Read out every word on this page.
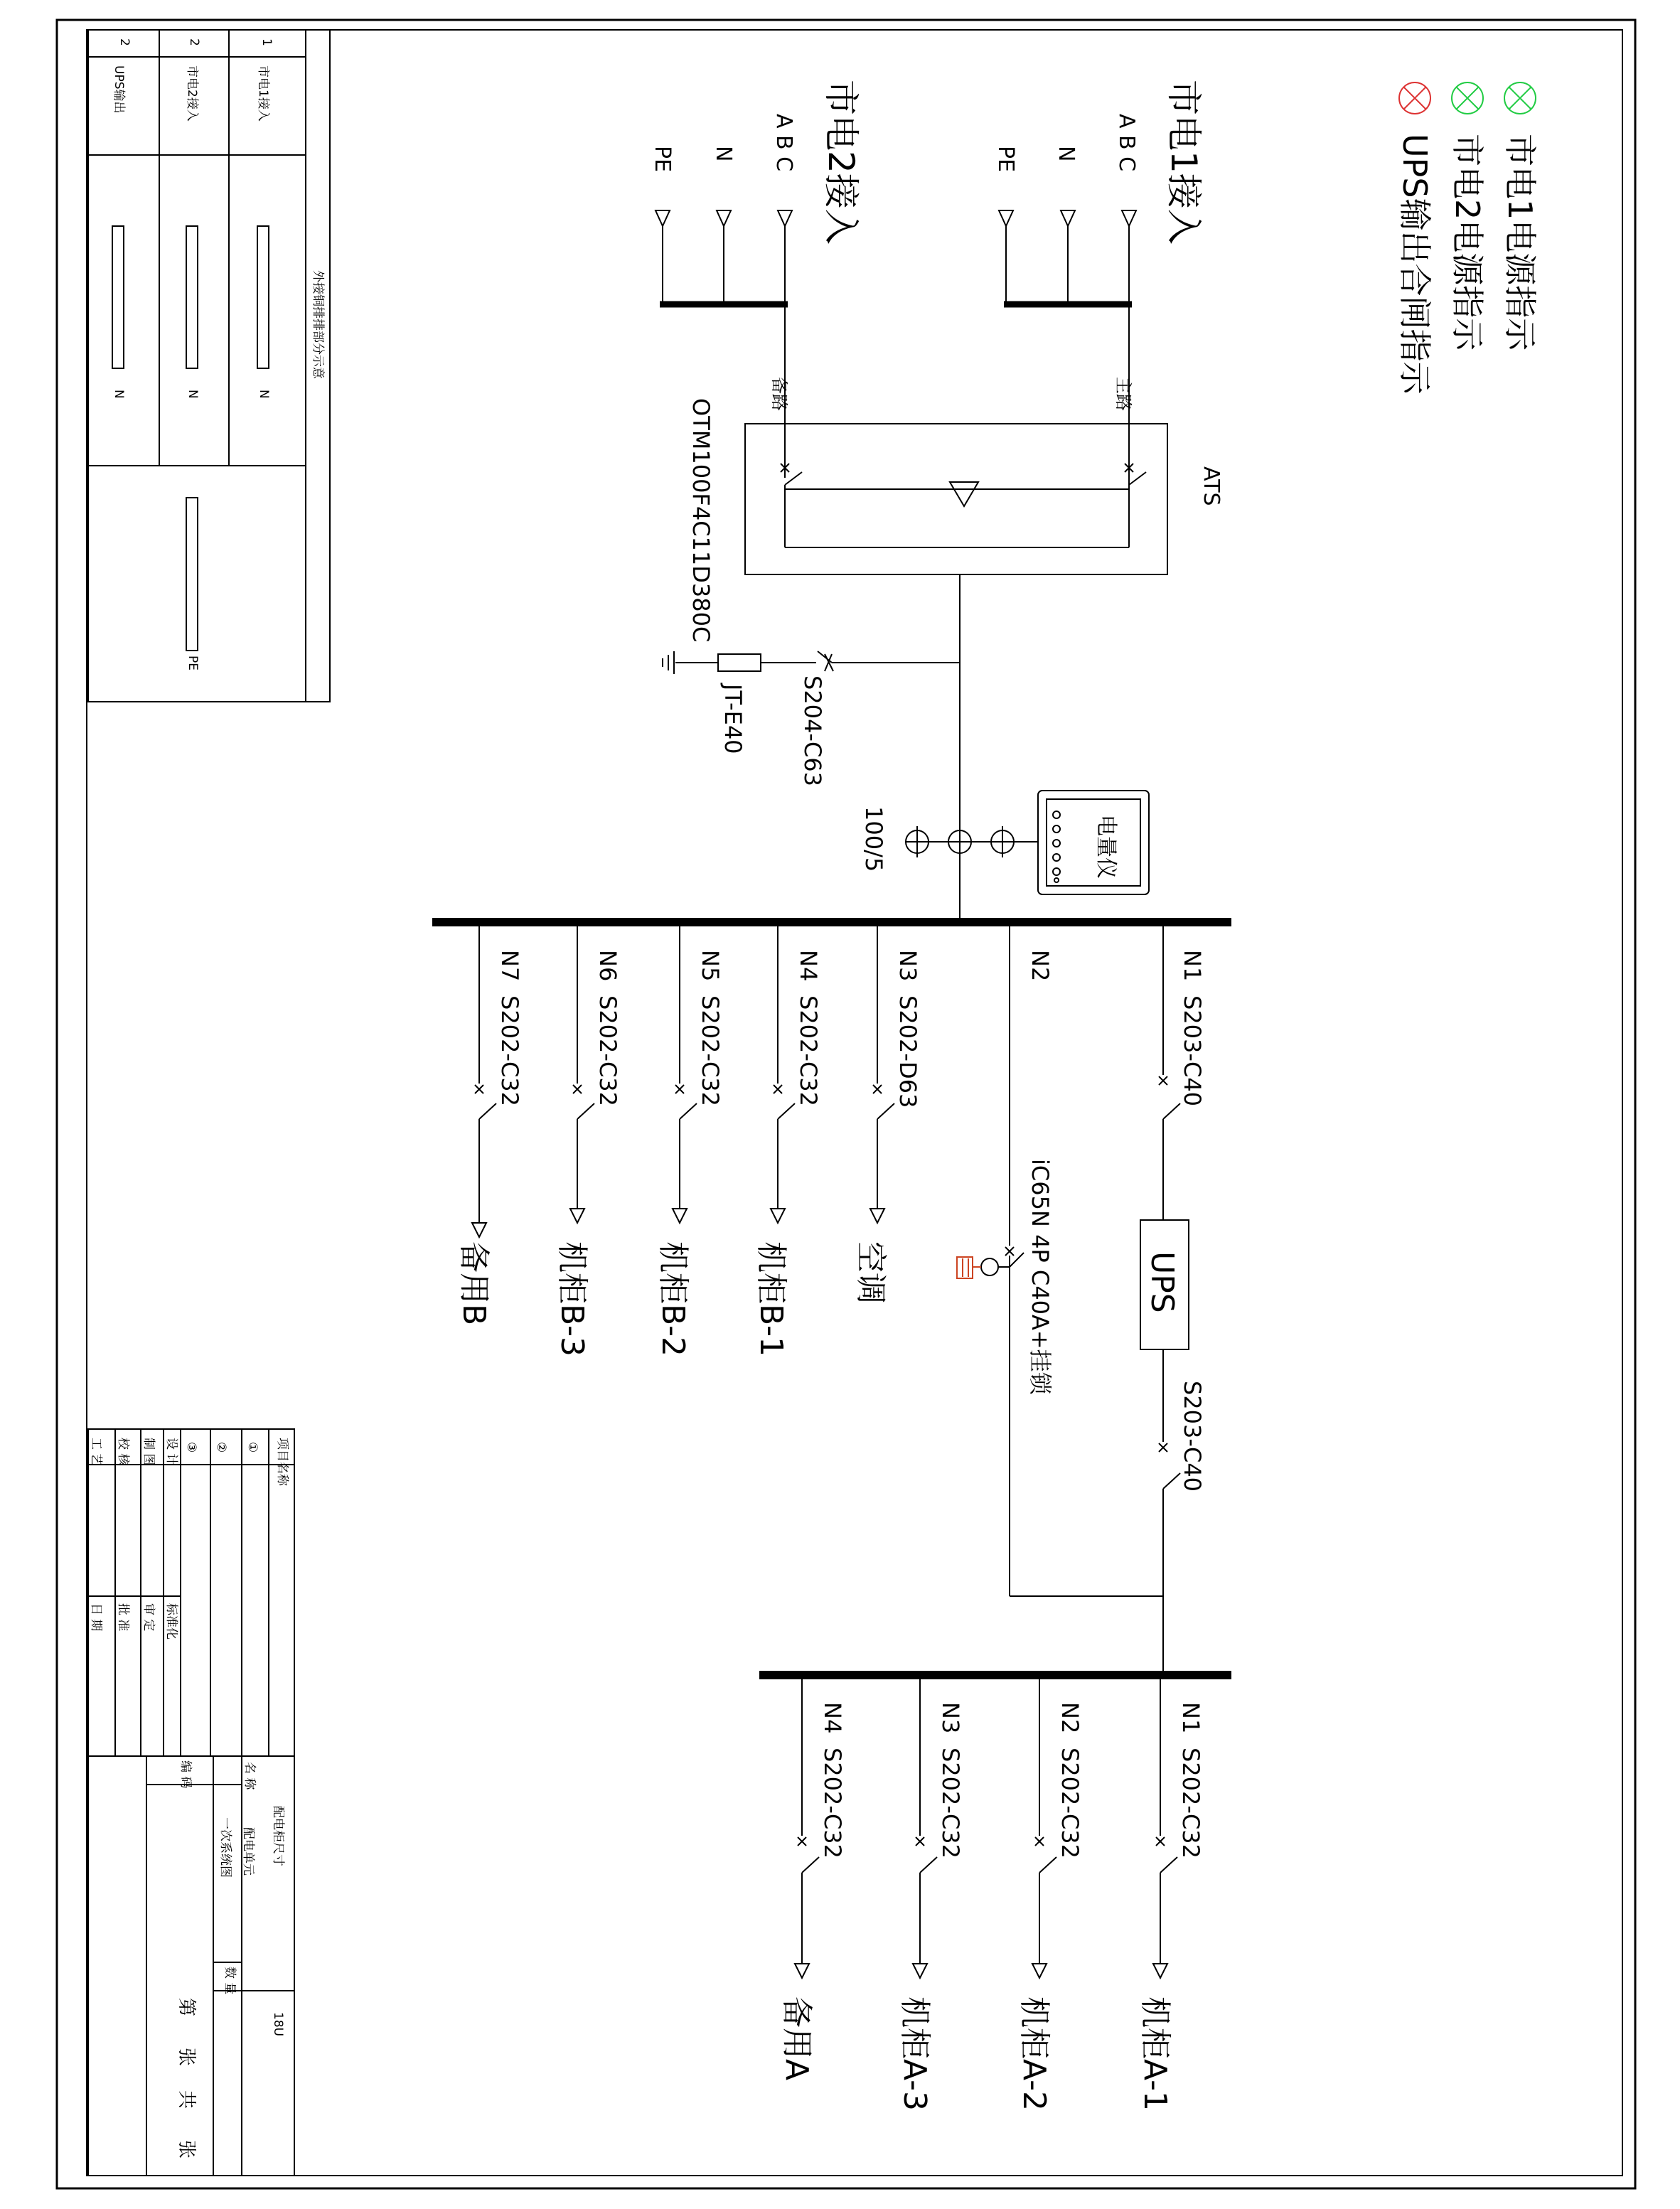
外接铜排排部分示意
1
市电1接入
N
2
市电2接入
N
PE
2
UPS输出
N
项目名称
①
②
③
设 计
制 图
校 核
工 艺
标准化
审 定
批 准
日 期
配电柜尺寸
18U
名 称
配电单元
一次系统图
数 量
编 码
第
张
共
张
市电1电源指示
市电2电源指示
UPS输出合闸指示
市电1接入
A B C
N
PE
主路
市电2接入
A B C
N
PE
备路
ATS
OTM100F4C11D380C
S204-C63
JT-E40
电量仪
100/5
N1
S203-C40
UPS
S203-C40
N2
iC65N 4P C40A+挂锁
N3
S202-D63
空调
N4
S202-C32
机柜B-1
N5
S202-C32
机柜B-2
N6
S202-C32
机柜B-3
N7
S202-C32
备用B
N1
S202-C32
机柜A-1
N2
S202-C32
机柜A-2
N3
S202-C32
机柜A-3
N4
S202-C32
备用A
